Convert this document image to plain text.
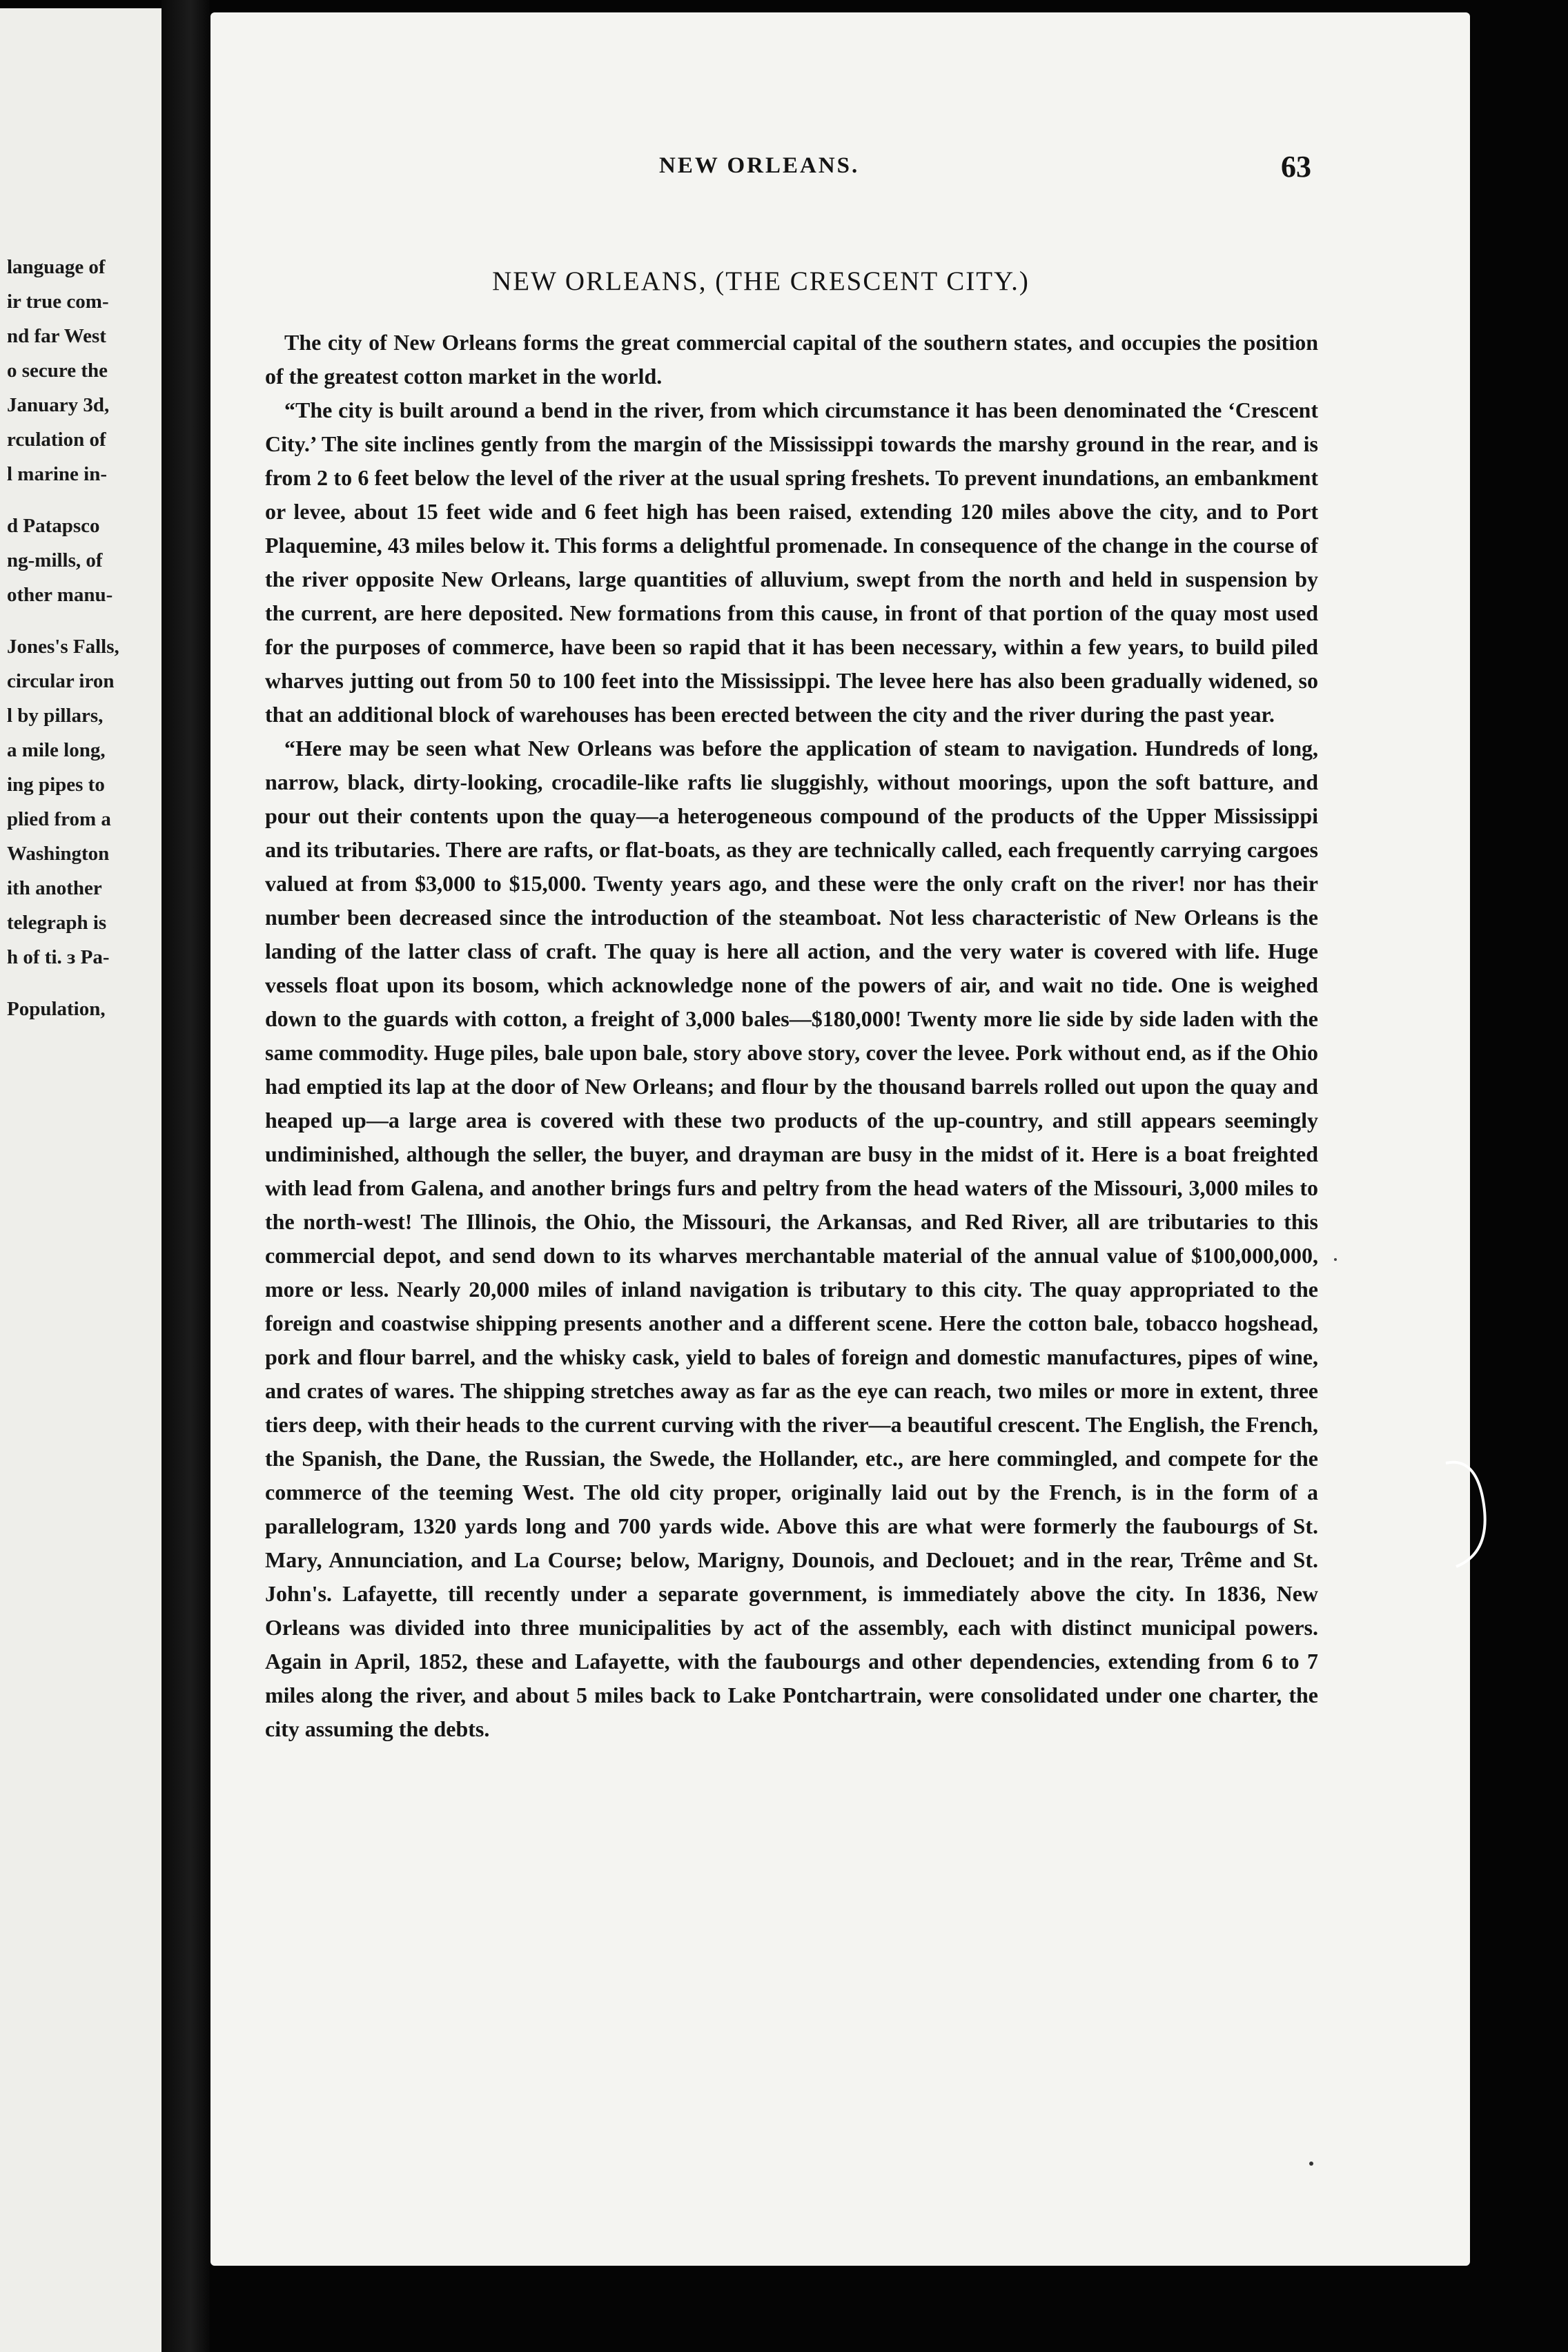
language of
ir true com-
nd far West
o secure the
January 3d,
rculation of
l marine in-
d Patapsco
ng-mills, of
other manu-
Jones's Falls,
circular iron
l by pillars,
a mile long,
ing pipes to
plied from a
Washington
ith another
telegraph is
h of ti. ɜ Pa-
Population,
NEW ORLEANS.	63
NEW ORLEANS, (THE CRESCENT CITY.)

The city of New Orleans forms the great commercial capital of the southern states, and occupies the position of the greatest cotton market in the world.

“The city is built around a bend in the river, from which circumstance it has been denominated the ‘Crescent City.’ The site inclines gently from the margin of the Mississippi towards the marshy ground in the rear, and is from 2 to 6 feet below the level of the river at the usual spring freshets. To prevent inundations, an embankment or levee, about 15 feet wide and 6 feet high has been raised, extending 120 miles above the city, and to Port Plaquemine, 43 miles below it. This forms a delightful promenade. In consequence of the change in the course of the river opposite New Orleans, large quantities of alluvium, swept from the north and held in suspension by the current, are here deposited. New formations from this cause, in front of that portion of the quay most used for the purposes of commerce, have been so rapid that it has been necessary, within a few years, to build piled wharves jutting out from 50 to 100 feet into the Mississippi. The levee here has also been gradually widened, so that an additional block of warehouses has been erected between the city and the river during the past year.

“Here may be seen what New Orleans was before the application of steam to navigation. Hundreds of long, narrow, black, dirty-looking, crocadile-like rafts lie sluggishly, without moorings, upon the soft batture, and pour out their contents upon the quay—a heterogeneous compound of the products of the Upper Mississippi and its tributaries. There are rafts, or flat-boats, as they are technically called, each frequently carrying cargoes valued at from $3,000 to $15,000. Twenty years ago, and these were the only craft on the river! nor has their number been decreased since the introduction of the steamboat. Not less characteristic of New Orleans is the landing of the latter class of craft. The quay is here all action, and the very water is covered with life. Huge vessels float upon its bosom, which acknowledge none of the powers of air, and wait no tide. One is weighed down to the guards with cotton, a freight of 3,000 bales—$180,000! Twenty more lie side by side laden with the same commodity. Huge piles, bale upon bale, story above story, cover the levee. Pork without end, as if the Ohio had emptied its lap at the door of New Orleans; and flour by the thousand barrels rolled out upon the quay and heaped up—a large area is covered with these two products of the up-country, and still appears seemingly undiminished, although the seller, the buyer, and drayman are busy in the midst of it. Here is a boat freighted with lead from Galena, and another brings furs and peltry from the head waters of the Missouri, 3,000 miles to the north-west! The Illinois, the Ohio, the Missouri, the Arkansas, and Red River, all are tributaries to this commercial depot, and send down to its wharves merchantable material of the annual value of $100,000,000, more or less. Nearly 20,000 miles of inland navigation is tributary to this city. The quay appropriated to the foreign and coastwise shipping presents another and a different scene. Here the cotton bale, tobacco hogshead, pork and flour barrel, and the whisky cask, yield to bales of foreign and domestic manufactures, pipes of wine, and crates of wares. The shipping stretches away as far as the eye can reach, two miles or more in extent, three tiers deep, with their heads to the current curving with the river—a beautiful crescent. The English, the French, the Spanish, the Dane, the Russian, the Swede, the Hollander, etc., are here commingled, and compete for the commerce of the teeming West. The old city proper, originally laid out by the French, is in the form of a parallelogram, 1320 yards long and 700 yards wide. Above this are what were formerly the faubourgs of St. Mary, Annunciation, and La Course; below, Marigny, Dounois, and Declouet; and in the rear, Trême and St. John's. Lafayette, till recently under a separate government, is immediately above the city. In 1836, New Orleans was divided into three municipalities by act of the assembly, each with distinct municipal powers. Again in April, 1852, these and Lafayette, with the faubourgs and other dependencies, extending from 6 to 7 miles along the river, and about 5 miles back to Lake Pontchartrain, were consolidated under one charter, the city assuming the debts.
